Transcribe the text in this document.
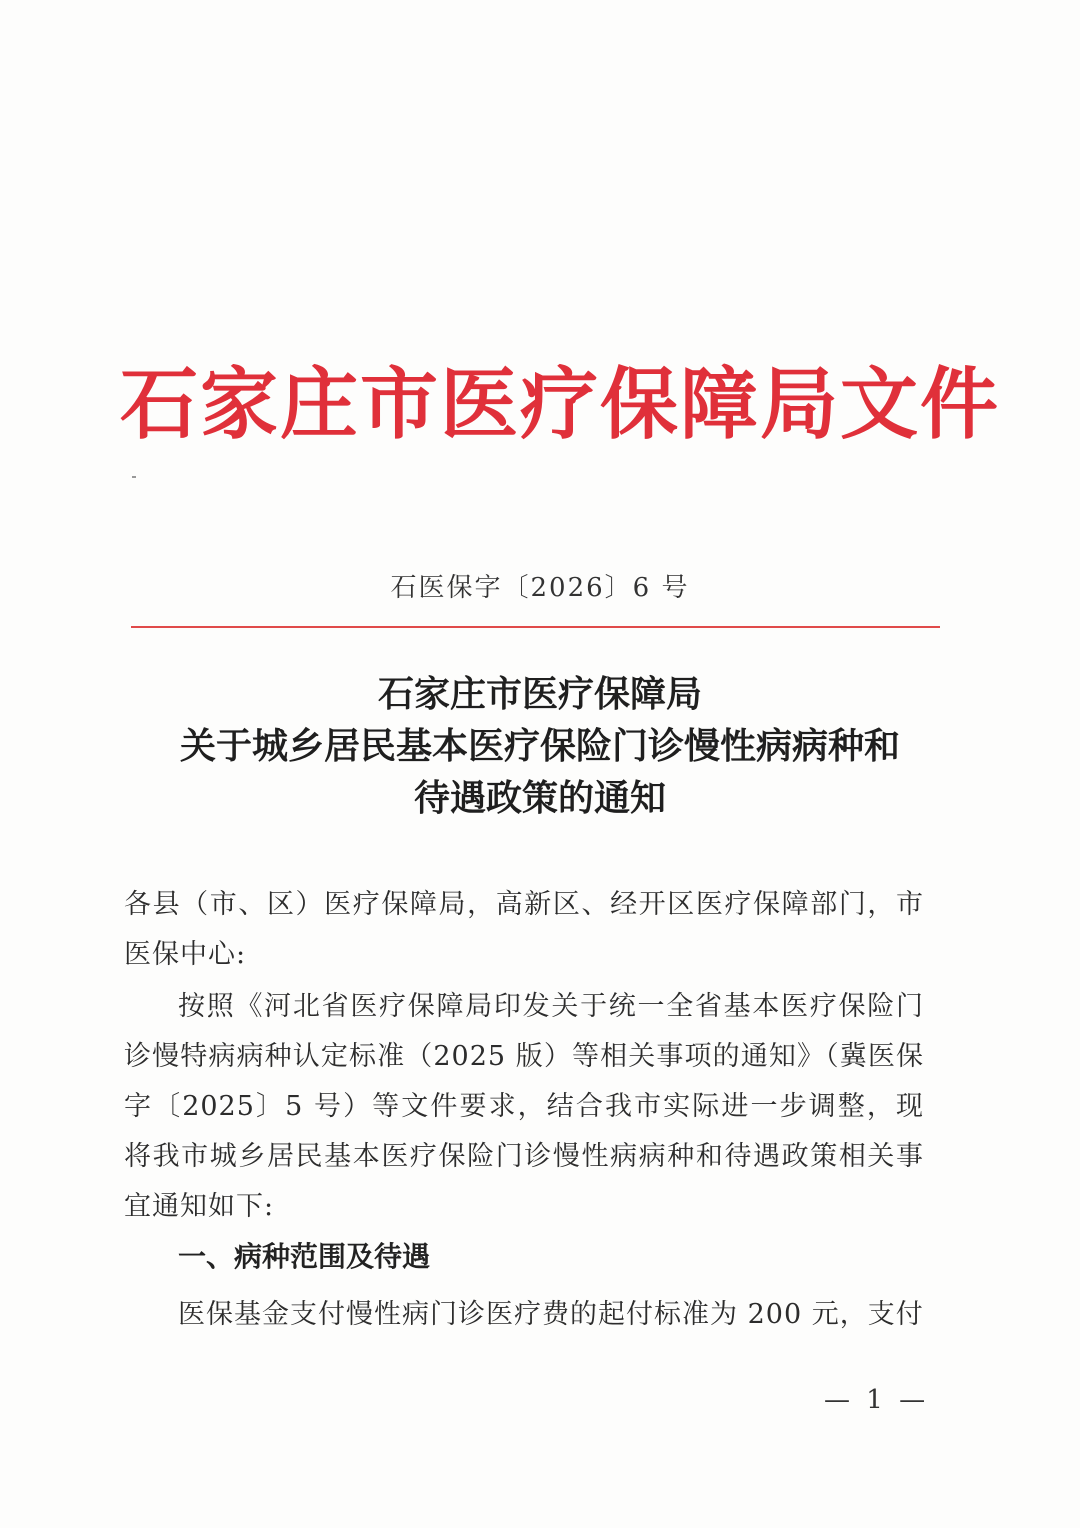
石家庄市医疗保障局文件
石医保字〔2026〕6 号
石家庄市医疗保障局
关于城乡居民基本医疗保险门诊慢性病病种和
待遇政策的通知
各县（市、区）医疗保障局，高新区、经开区医疗保障部门，市医保中心:
按照《河北省医疗保障局印发关于统一全省基本医疗保险门诊慢特病病种认定标准（2025 版）等相关事项的通知》（冀医保字〔2025〕5 号）等文件要求，结合我市实际进一步调整，现将我市城乡居民基本医疗保险门诊慢性病病种和待遇政策相关事宜通知如下:
一、病种范围及待遇
医保基金支付慢性病门诊医疗费的起付标准为 200 元，支付
— 1 —
